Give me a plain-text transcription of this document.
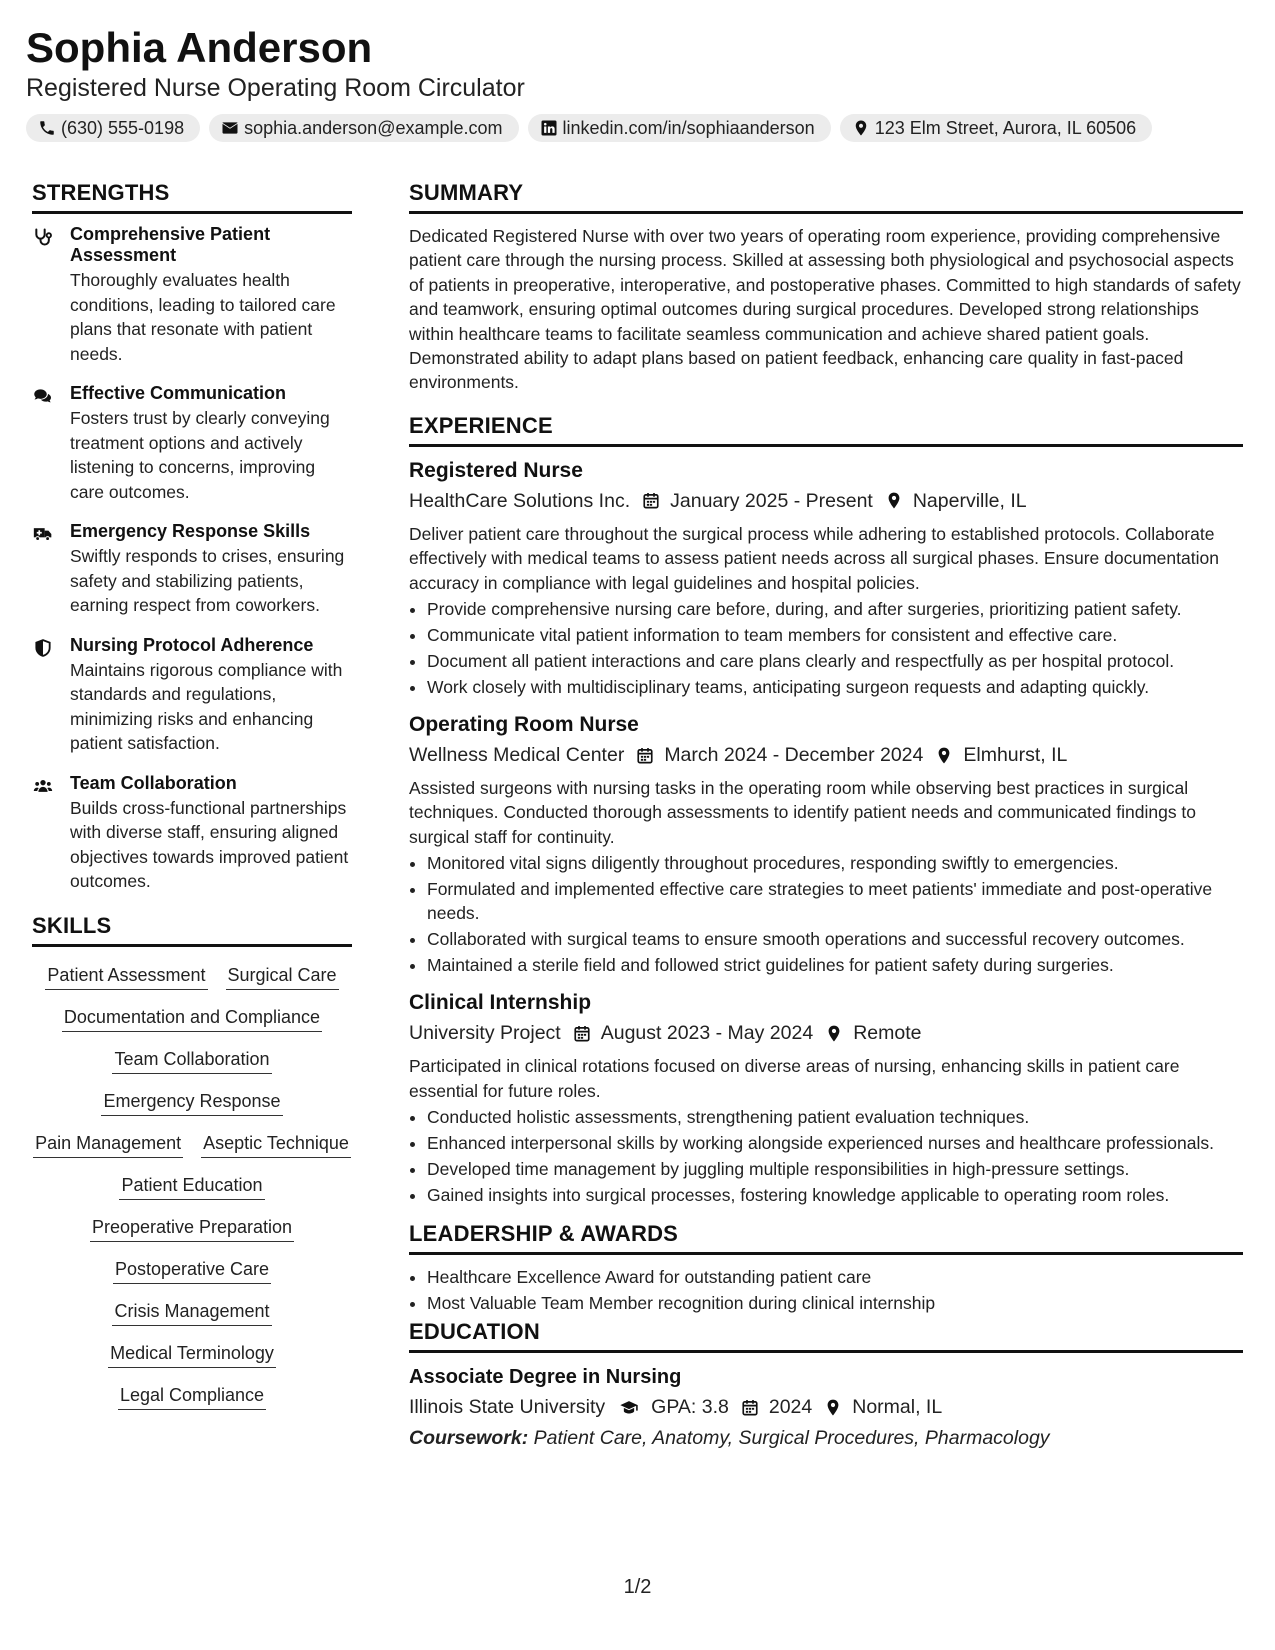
Sophia Anderson
Registered Nurse Operating Room Circulator
(630) 555-0198	sophia.anderson@example.com	linkedin.com/in/sophiaanderson	123 Elm Street, Aurora, IL 60506
STRENGTHS
Comprehensive Patient Assessment
Thoroughly evaluates health conditions, leading to tailored care plans that resonate with patient needs.
Effective Communication
Fosters trust by clearly conveying treatment options and actively listening to concerns, improving care outcomes.
Emergency Response Skills
Swiftly responds to crises, ensuring safety and stabilizing patients, earning respect from coworkers.
Nursing Protocol Adherence
Maintains rigorous compliance with standards and regulations, minimizing risks and enhancing patient satisfaction.
Team Collaboration
Builds cross-functional partnerships with diverse staff, ensuring aligned objectives towards improved patient outcomes.
SKILLS
Patient Assessment Surgical Care
Documentation and Compliance
Team Collaboration
Emergency Response
Pain Management Aseptic Technique
Patient Education
Preoperative Preparation
Postoperative Care
Crisis Management
Medical Terminology
Legal Compliance
SUMMARY
Dedicated Registered Nurse with over two years of operating room experience, providing comprehensive patient care through the nursing process. Skilled at assessing both physiological and psychosocial aspects of patients in preoperative, interoperative, and postoperative phases. Committed to high standards of safety and teamwork, ensuring optimal outcomes during surgical procedures. Developed strong relationships within healthcare teams to facilitate seamless communication and achieve shared patient goals. Demonstrated ability to adapt plans based on patient feedback, enhancing care quality in fast-paced environments.
EXPERIENCE
Registered Nurse
HealthCare Solutions Inc. January 2025 - Present Naperville, IL
Deliver patient care throughout the surgical process while adhering to established protocols. Collaborate effectively with medical teams to assess patient needs across all surgical phases. Ensure documentation accuracy in compliance with legal guidelines and hospital policies.
• Provide comprehensive nursing care before, during, and after surgeries, prioritizing patient safety.
• Communicate vital patient information to team members for consistent and effective care.
• Document all patient interactions and care plans clearly and respectfully as per hospital protocol.
• Work closely with multidisciplinary teams, anticipating surgeon requests and adapting quickly.
Operating Room Nurse
Wellness Medical Center March 2024 - December 2024 Elmhurst, IL
Assisted surgeons with nursing tasks in the operating room while observing best practices in surgical techniques. Conducted thorough assessments to identify patient needs and communicated findings to surgical staff for continuity.
• Monitored vital signs diligently throughout procedures, responding swiftly to emergencies.
• Formulated and implemented effective care strategies to meet patients' immediate and post-operative needs.
• Collaborated with surgical teams to ensure smooth operations and successful recovery outcomes.
• Maintained a sterile field and followed strict guidelines for patient safety during surgeries.
Clinical Internship
University Project August 2023 - May 2024 Remote
Participated in clinical rotations focused on diverse areas of nursing, enhancing skills in patient care essential for future roles.
• Conducted holistic assessments, strengthening patient evaluation techniques.
• Enhanced interpersonal skills by working alongside experienced nurses and healthcare professionals.
• Developed time management by juggling multiple responsibilities in high-pressure settings.
• Gained insights into surgical processes, fostering knowledge applicable to operating room roles.
LEADERSHIP & AWARDS
• Healthcare Excellence Award for outstanding patient care
• Most Valuable Team Member recognition during clinical internship
EDUCATION
Associate Degree in Nursing
Illinois State University GPA: 3.8 2024 Normal, IL
Coursework: Patient Care, Anatomy, Surgical Procedures, Pharmacology
1/2
